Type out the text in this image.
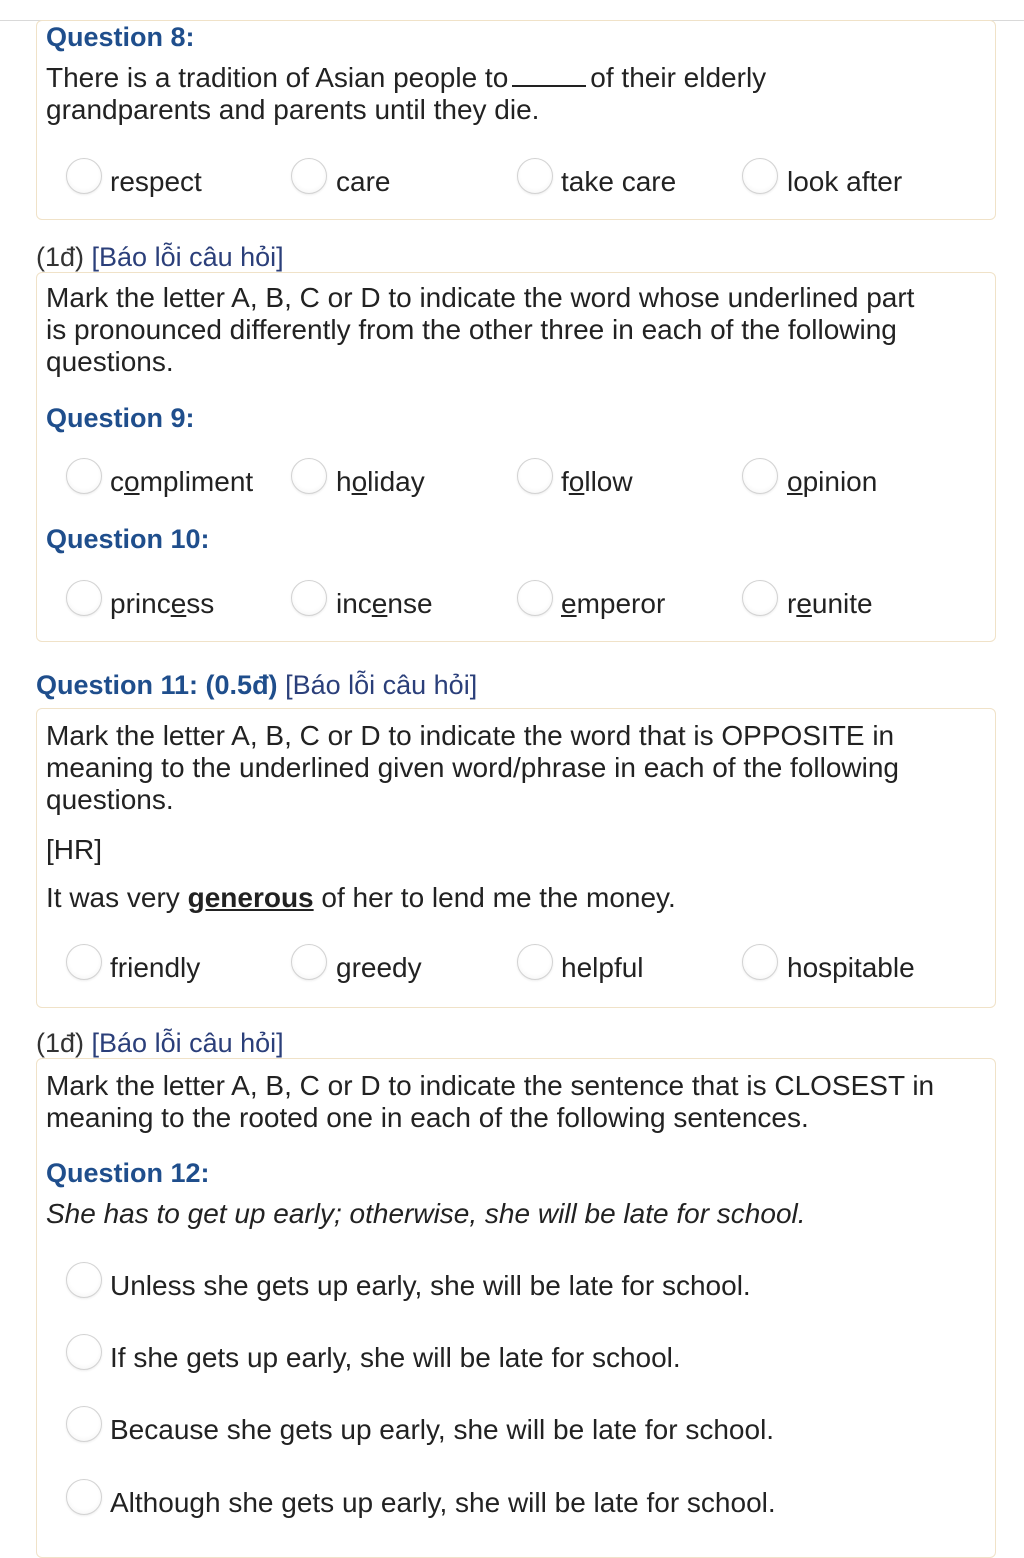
Question 8:
There is a tradition of Asian people to	of their elderly
grandparents and parents until they die.
respect	care	take care	look after
(1đ) [Báo lỗi câu hỏi]
Mark the letter A, B, C or D to indicate the word whose underlined part
is pronounced differently from the other three in each of the following
questions.
Question 9:
compliment	holiday	follow	opinion
Question 10:
princess	incense	emperor	reunite
Question 11: (0.5đ) [Báo lỗi câu hỏi]
Mark the letter A, B, C or D to indicate the word that is OPPOSITE in
meaning to the underlined given word/phrase in each of the following
questions.
[HR]
It was very generous of her to lend me the money.
friendly	greedy	helpful	hospitable
(1đ) [Báo lỗi câu hỏi]
Mark the letter A, B, C or D to indicate the sentence that is CLOSEST in
meaning to the rooted one in each of the following sentences.
Question 12:
She has to get up early; otherwise, she will be late for school.
Unless she gets up early, she will be late for school.
If she gets up early, she will be late for school.
Because she gets up early, she will be late for school.
Although she gets up early, she will be late for school.
